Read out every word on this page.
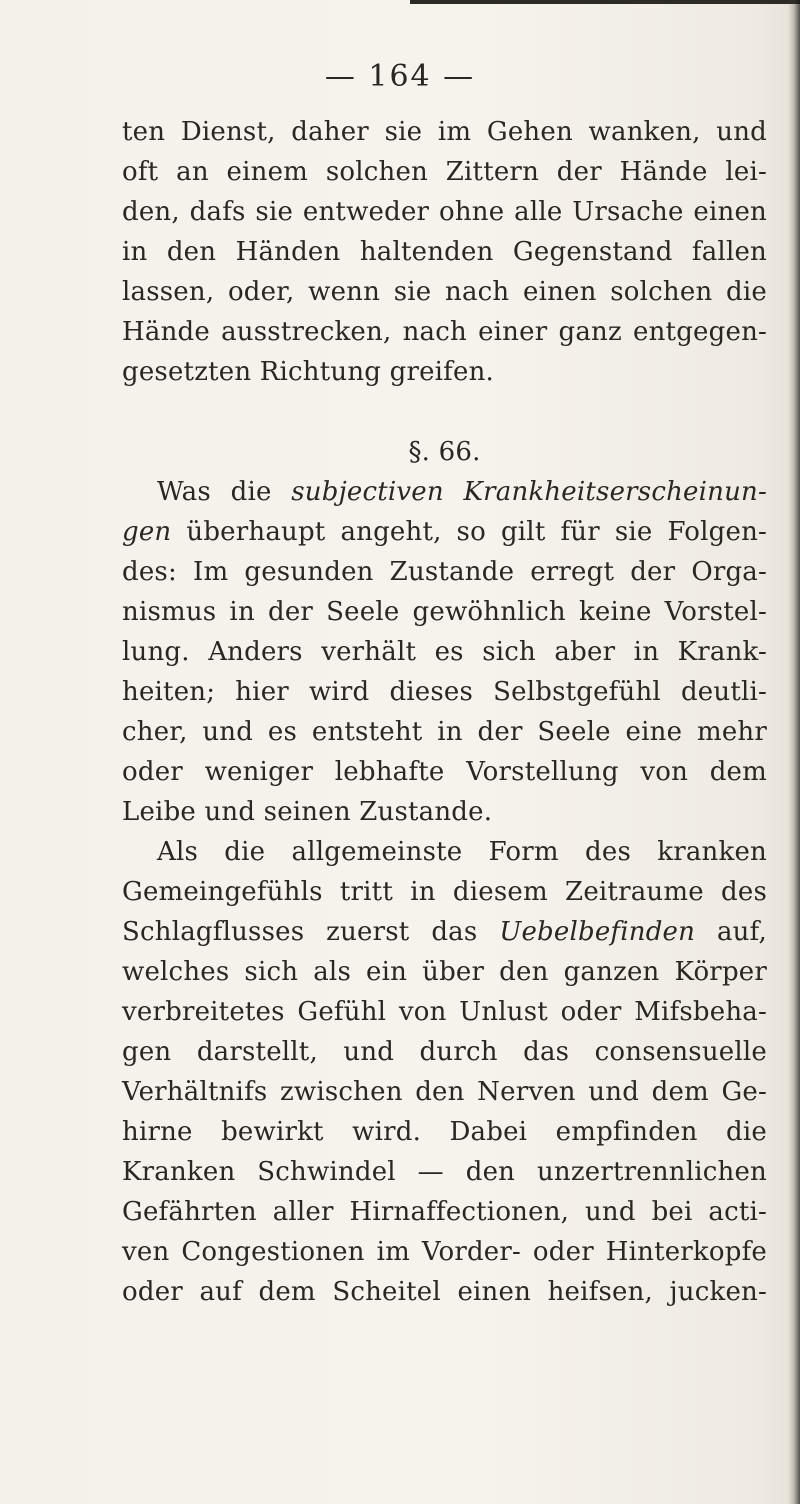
— 164 —
ten Dienst, daher sie im Gehen wanken, und
oft an einem solchen Zittern der Hände lei-
den, dafs sie entweder ohne alle Ursache einen
in den Händen haltenden Gegenstand fallen
lassen, oder, wenn sie nach einen solchen die
Hände ausstrecken, nach einer ganz entgegen-
gesetzten Richtung greifen.
§. 66.
Was die subjectiven Krankheitserscheinun-
gen überhaupt angeht, so gilt für sie Folgen-
des: Im gesunden Zustande erregt der Orga-
nismus in der Seele gewöhnlich keine Vorstel-
lung. Anders verhält es sich aber in Krank-
heiten; hier wird dieses Selbstgefühl deutli-
cher, und es entsteht in der Seele eine mehr
oder weniger lebhafte Vorstellung von dem
Leibe und seinen Zustande.
Als die allgemeinste Form des kranken
Gemeingefühls tritt in diesem Zeitraume des
Schlagflusses zuerst das Uebelbefinden auf,
welches sich als ein über den ganzen Körper
verbreitetes Gefühl von Unlust oder Mifsbeha-
gen darstellt, und durch das consensuelle
Verhältnifs zwischen den Nerven und dem Ge-
hirne bewirkt wird. Dabei empfinden die
Kranken Schwindel — den unzertrennlichen
Gefährten aller Hirnaffectionen, und bei acti-
ven Congestionen im Vorder- oder Hinterkopfe
oder auf dem Scheitel einen heifsen, jucken-
